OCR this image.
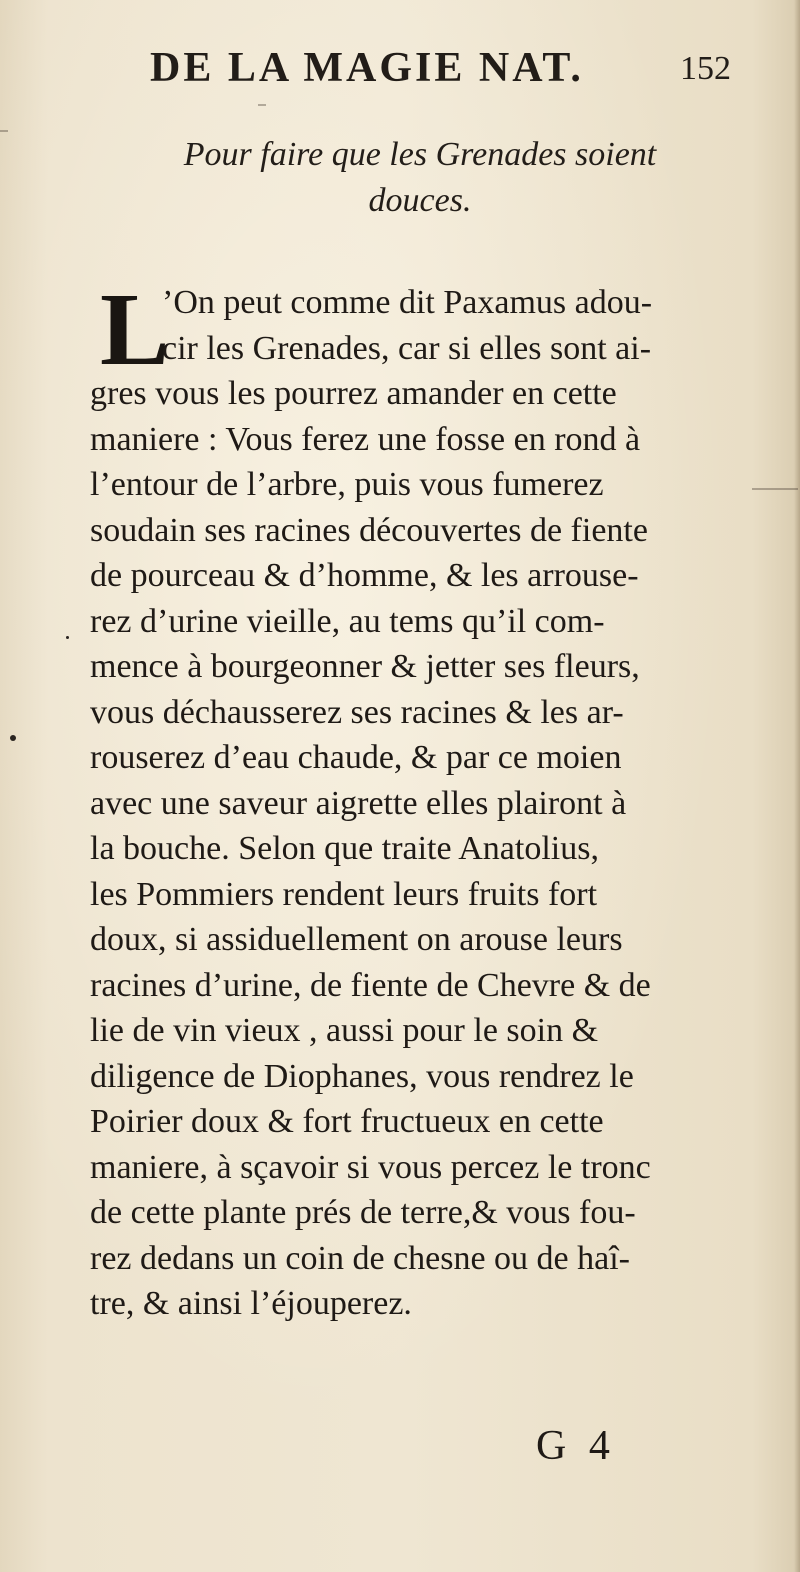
DE LA MAGIE NAT.	152
Pour faire que les Grenades soient
douces.
L
’On peut comme dit Paxamus adou-
cir les Grenades, car si elles sont ai-
gres vous les pourrez amander en cette
maniere : Vous ferez une fosse en rond à
l’entour de l’arbre, puis vous fumerez
soudain ses racines découvertes de fiente
de pourceau & d’homme, & les arrouse-
rez d’urine vieille, au tems qu’il com-
mence à bourgeonner & jetter ses fleurs,
vous déchausserez ses racines & les ar-
rouserez d’eau chaude, & par ce moien
avec une saveur aigrette elles plairont à
la bouche. Selon que traite Anatolius,
les Pommiers rendent leurs fruits fort
doux, si assiduellement on arouse leurs
racines d’urine, de fiente de Chevre & de
lie de vin vieux , aussi pour le soin &
diligence de Diophanes, vous rendrez le
Poirier doux & fort fructueux en cette
maniere, à sçavoir si vous percez le tronc
de cette plante prés de terre,& vous fou-
rez dedans un coin de chesne ou de haî-
tre, & ainsi l’éjouperez.
G 4
